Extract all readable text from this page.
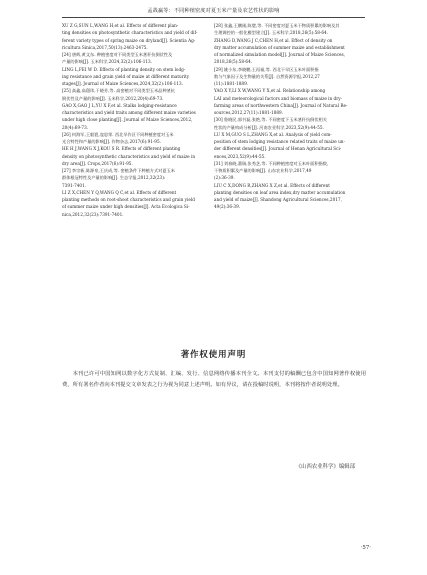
孟战赢等：不同种植密度对夏玉米产量及农艺性状的影响
XU Z G,SUN L,WANG H,et al. Effects of different plan-
ting densities on photosynthetic characteristics and yield of dif-
ferent variety types of spring maize on dryland[J]. Scientia Ag-
ricultura Sinica,2017,50(13):2463-2475.
[24] 唐辉,黄文东. 种植密度对不同类型玉米茎秆抗倒伏性及
产量的影响[J]. 玉米科学,2024,32(2):106-113.
LING L,FEI W D. Effects of planting density on stem lodg-
ing resistance and grain yield of maize at different maturity
stages[J]. Journal of Maize Sciences,2024,32(2):106-113.
[25] 高鑫,高璟玮,于晓芳,等. 高密植对不同类型玉米品种茎抗
倒伏性及产量的影响[J]. 玉米科学,2012,20(4):69-73.
GAO X,GAO J L,YU X F,et al. Stalks lodging-resistance
characteristics and yield traits among different maize varieties
under high close planting[J]. Journal of Maize Sciences,2012,
20(4):69-73.
[26] 何海军,王毅裂,寇思荣. 西北旱作区不同种植密度对玉米
光合特性和产量的影响[J]. 作物杂志,2017(6):91-95.
HE H J,WANG X J,KOU S R. Effects of different planting
density on photosynthetic characteristics and yield of maize in
dry area[J]. Crops,2017(6):91-95.
[27] 李宗新,陈源泉,王庆成,等. 密植条件下种植方式对夏玉米
群体根冠特性及产量的影响[J]. 生态学报,2012,32(23):
7391-7401.
LI Z X,CHEN Y Q,WANG Q C,et al. Effects of different
planting methods on root-shoot characteristics and grain yield
of summer maize under high densities[J]. Acta Ecologica Si-
nica,2012,32(23):7391-7401.
[28] 张鑫,王鹏刚,陈璧,等. 不同密度对夏玉米干物质积累的影响及其
生理调控的一般化模型建立[J]. 玉米科学,2018,26(5):58-64.
ZHANG D,WANG J C,CHEN H,et al. Effect of density on
dry matter accumulation of summer maize and establishment
of normalized simulation model[J]. Journal of Maize Sciences,
2018,26(5):58-64.
[29] 姚小东,李晓鹏,王再福,等. 西北干旱区玉米叶面积指
数与气象因子及生物量的关系[J]. 自然资源学报,2012,27
(11):1881-1889.
YAO X Y,LI X W,WANG Y X,et al. Relationship among
LAI and meteorological factors and biomass of maize in dry-
farming areas of northwestern China[J]. Journal of Natural Re-
sources,2012,27(11):1881-1889.
[30] 鲁晓民,郭书磊,张艳,等. 不同密度下玉米茎秆抗倒伏相关
性状的产量构成分析[J]. 河南农业科学,2023,52(9):44-55.
LU X M,GUO S L,ZHANG X,et al. Analysis of yield com-
position of stem lodging resistance related traits of maize un-
der different densities[J]. Journal of Henan Agricultural Sci-
ences,2023,52(9):44-55.
[31] 刘春晓,董瑞,张秀芝,等. 不同种植密度对玉米叶面积指数、
干物质积累及产量的影响[J]. 山东农业科学,2017,49
(2):36-39.
LIU C X,DONG R,ZHANG X Z,et al. Effects of different
planting densities on leaf area index,dry matter accumulation
and yield of maize[J]. Shandong Agricultural Sciences,2017,
49(2):36-39.
著作权使用声明
本刊已许可中国知网以数字化方式复制、汇编、发行、信息网络传播本刊全文。本刊支付的稿酬已包含中国知网著作权使用费，所有署名作者向本刊提交文章发表之行为视为同意上述声明。如有异议，请在投稿时说明，本刊将按作者说明处理。
《山西农业科学》编辑部
·57·
